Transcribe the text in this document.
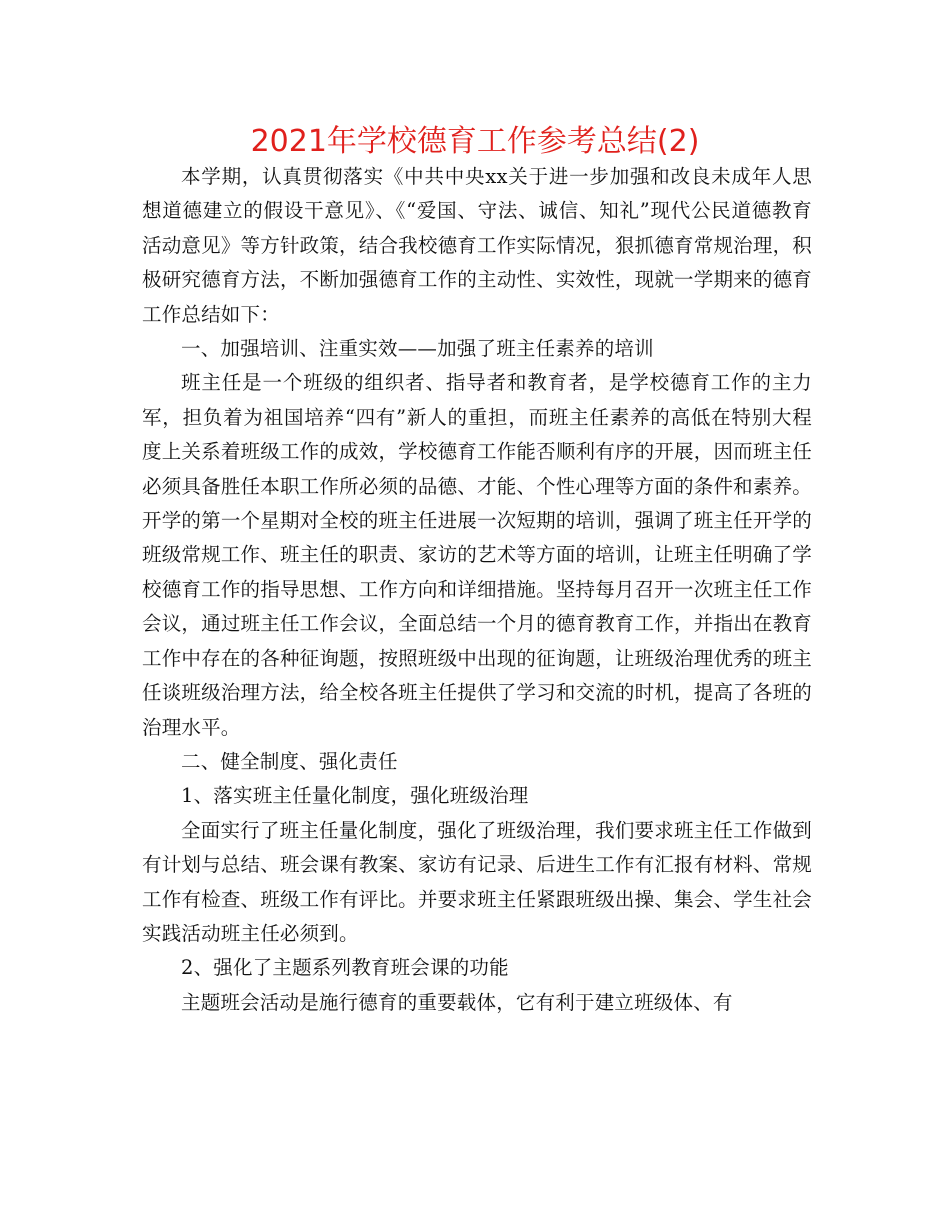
2021年学校德育工作参考总结(2)

本学期，认真贯彻落实《中共中央xx关于进一步加强和改良未成年人思想道德建立的假设干意见》、《“爱国、守法、诚信、知礼”现代公民道德教育活动意见》等方针政策，结合我校德育工作实际情况，狠抓德育常规治理，积极研究德育方法，不断加强德育工作的主动性、实效性，现就一学期来的德育工作总结如下：

一、加强培训、注重实效——加强了班主任素养的培训

班主任是一个班级的组织者、指导者和教育者，是学校德育工作的主力军，担负着为祖国培养“四有”新人的重担，而班主任素养的高低在特别大程度上关系着班级工作的成效，学校德育工作能否顺利有序的开展，因而班主任必须具备胜任本职工作所必须的品德、才能、个性心理等方面的条件和素养。开学的第一个星期对全校的班主任进展一次短期的培训，强调了班主任开学的班级常规工作、班主任的职责、家访的艺术等方面的培训，让班主任明确了学校德育工作的指导思想、工作方向和详细措施。坚持每月召开一次班主任工作会议，通过班主任工作会议，全面总结一个月的德育教育工作，并指出在教育工作中存在的各种征询题，按照班级中出现的征询题，让班级治理优秀的班主任谈班级治理方法，给全校各班主任提供了学习和交流的时机，提高了各班的治理水平。

二、健全制度、强化责任

1、落实班主任量化制度，强化班级治理

全面实行了班主任量化制度，强化了班级治理，我们要求班主任工作做到有计划与总结、班会课有教案、家访有记录、后进生工作有汇报有材料、常规工作有检查、班级工作有评比。并要求班主任紧跟班级出操、集会、学生社会实践活动班主任必须到。

2、强化了主题系列教育班会课的功能

主题班会活动是施行德育的重要载体，它有利于建立班级体、有
